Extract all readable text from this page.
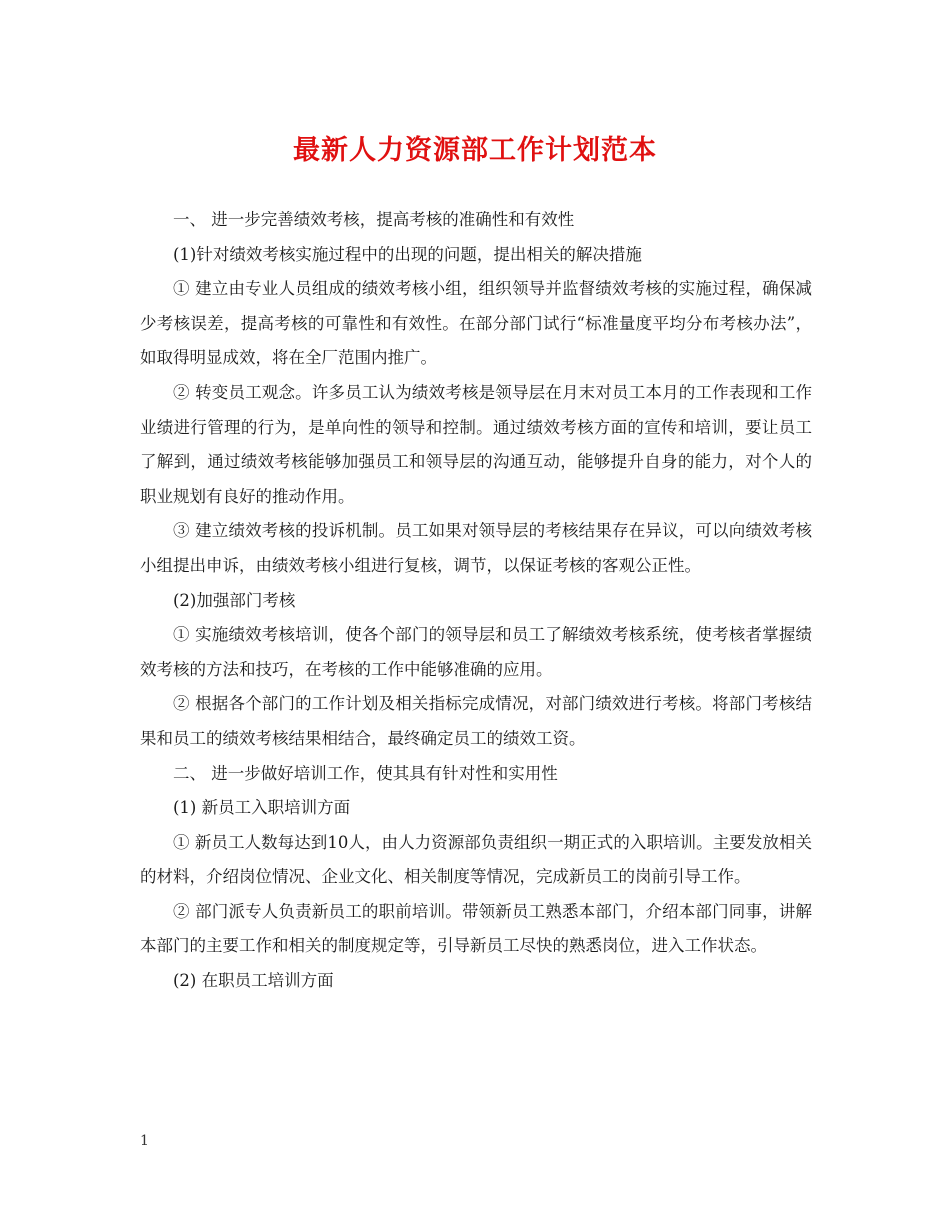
最新人力资源部工作计划范本

一、 进一步完善绩效考核，提高考核的准确性和有效性

(1)针对绩效考核实施过程中的出现的问题，提出相关的解决措施

① 建立由专业人员组成的绩效考核小组，组织领导并监督绩效考核的实施过程，确保减少考核误差，提高考核的可靠性和有效性。在部分部门试行“标准量度平均分布考核办法”，如取得明显成效，将在全厂范围内推广。

② 转变员工观念。许多员工认为绩效考核是领导层在月末对员工本月的工作表现和工作业绩进行管理的行为，是单向性的领导和控制。通过绩效考核方面的宣传和培训，要让员工了解到，通过绩效考核能够加强员工和领导层的沟通互动，能够提升自身的能力，对个人的职业规划有良好的推动作用。

③ 建立绩效考核的投诉机制。员工如果对领导层的考核结果存在异议，可以向绩效考核小组提出申诉，由绩效考核小组进行复核，调节，以保证考核的客观公正性。

(2)加强部门考核

① 实施绩效考核培训，使各个部门的领导层和员工了解绩效考核系统，使考核者掌握绩效考核的方法和技巧，在考核的工作中能够准确的应用。

② 根据各个部门的工作计划及相关指标完成情况，对部门绩效进行考核。将部门考核结果和员工的绩效考核结果相结合，最终确定员工的绩效工资。

二、 进一步做好培训工作，使其具有针对性和实用性

(1) 新员工入职培训方面

① 新员工人数每达到10人，由人力资源部负责组织一期正式的入职培训。主要发放相关的材料，介绍岗位情况、企业文化、相关制度等情况，完成新员工的岗前引导工作。

② 部门派专人负责新员工的职前培训。带领新员工熟悉本部门，介绍本部门同事，讲解本部门的主要工作和相关的制度规定等，引导新员工尽快的熟悉岗位，进入工作状态。

(2) 在职员工培训方面

1
